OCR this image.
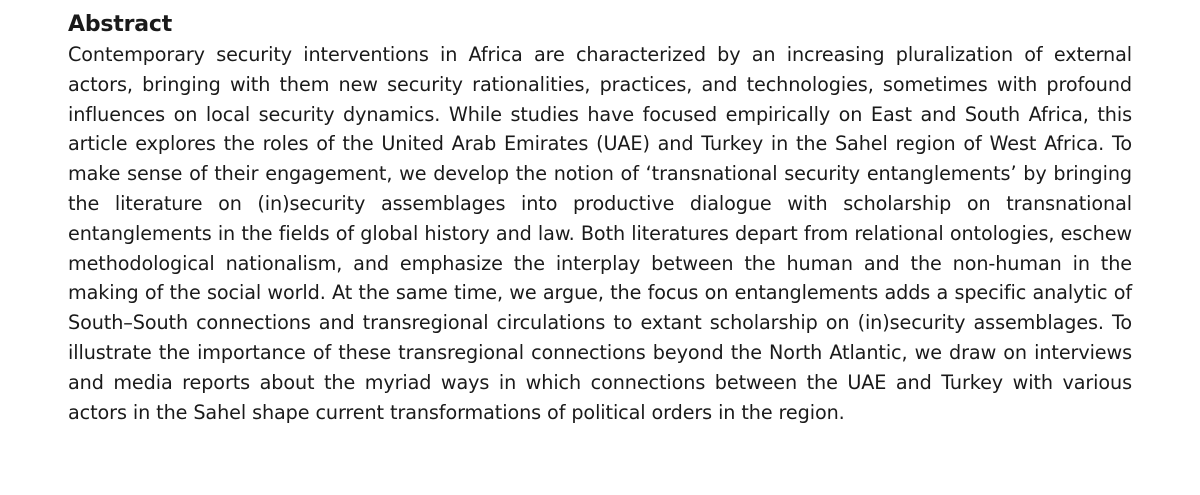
Abstract

Contemporary security interventions in Africa are characterized by an increasing pluralization of external actors, bringing with them new security rationalities, practices, and technologies, sometimes with profound influences on local security dynamics. While studies have focused empirically on East and South Africa, this article explores the roles of the United Arab Emirates (UAE) and Turkey in the Sahel region of West Africa. To make sense of their engagement, we develop the notion of ‘transnational security entanglements’ by bringing the literature on (in)security assemblages into productive dialogue with scholarship on transnational entanglements in the fields of global history and law. Both literatures depart from relational ontologies, eschew methodological nationalism, and emphasize the interplay between the human and the non-human in the making of the social world. At the same time, we argue, the focus on entanglements adds a specific analytic of South–South connections and transregional circulations to extant scholarship on (in)security assemblages. To illustrate the importance of these transregional connections beyond the North Atlantic, we draw on interviews and media reports about the myriad ways in which connections between the UAE and Turkey with various actors in the Sahel shape current transformations of political orders in the region.
